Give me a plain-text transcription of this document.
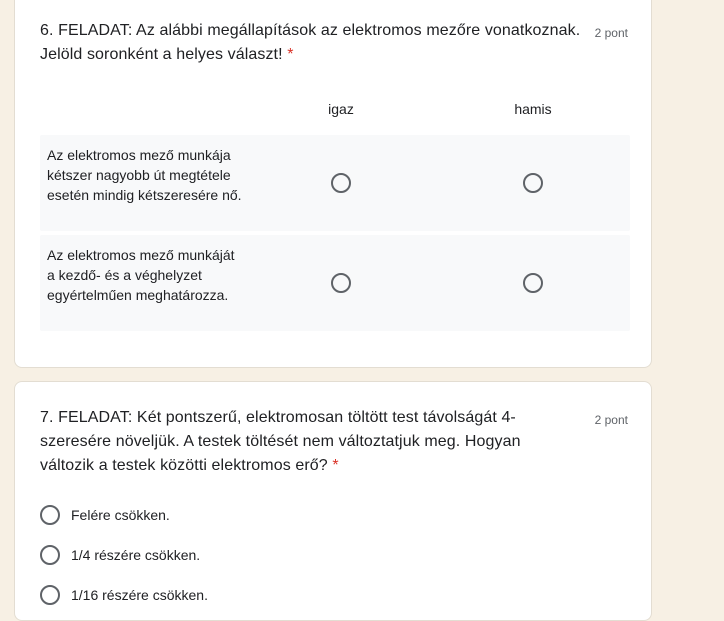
6. FELADAT: Az alábbi megállapítások az elektromos mezőre vonatkoznak. Jelöld soronként a helyes választ! *
2 pont
igaz	hamis
Az elektromos mező munkája kétszer nagyobb út megtétele esetén mindig kétszeresére nő.
Az elektromos mező munkáját a kezdő- és a véghelyzet egyértelműen meghatározza.
7. FELADAT: Két pontszerű, elektromosan töltött test távolságát 4-szeresére növeljük. A testek töltését nem változtatjuk meg. Hogyan változik a testek közötti elektromos erő? *
2 pont
Felére csökken.
1/4 részére csökken.
1/16 részére csökken.
